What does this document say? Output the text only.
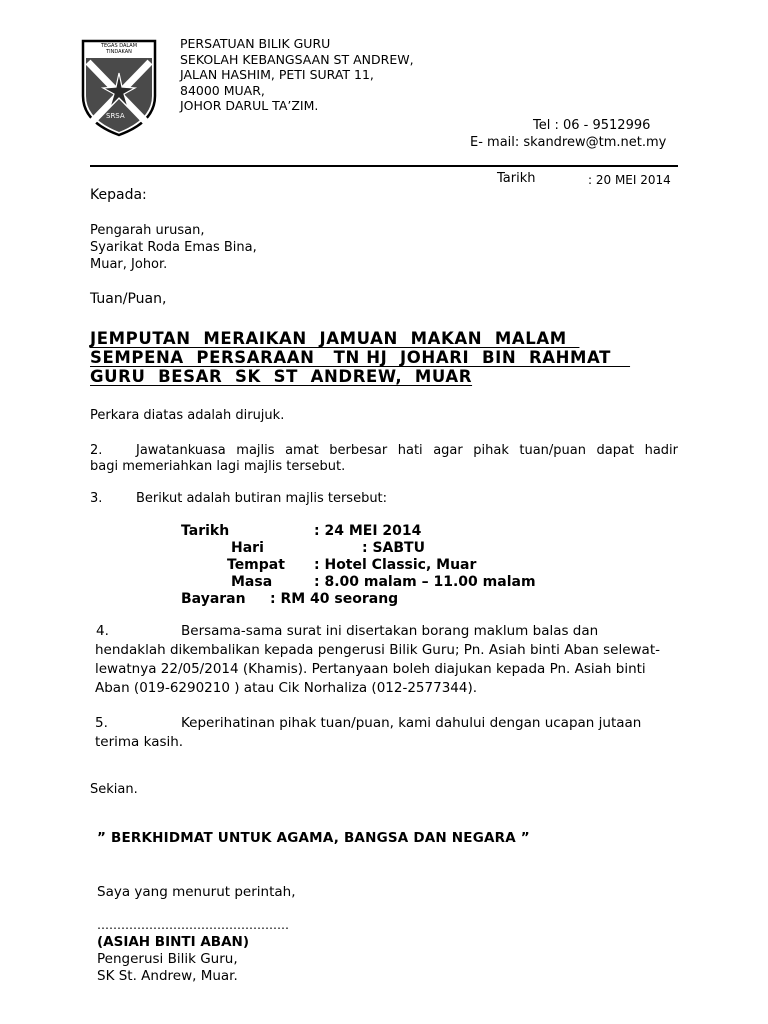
TEGAS DALAM TINDAKAN
SRSA
PERSATUAN BILIK GURU
SEKOLAH KEBANGSAAN ST ANDREW,
JALAN HASHIM, PETI SURAT 11,
84000 MUAR,
JOHOR DARUL TA’ZIM.
Tel : 06 - 9512996
E- mail: skandrew@tm.net.my
Tarikh	: 20 MEI 2014
Kepada:
Pengarah urusan,
Syarikat Roda Emas Bina,
Muar, Johor.
Tuan/Puan,
JEMPUTAN  MERAIKAN  JAMUAN  MAKAN  MALAM
SEMPENA  PERSARAAN   TN HJ  JOHARI  BIN  RAHMAT
GURU  BESAR  SK  ST  ANDREW,  MUAR
Perkara diatas adalah dirujuk.
2.	Jawatankuasa majlis amat berbesar hati agar pihak tuan/puan dapat hadir
bagi memeriahkan lagi majlis tersebut.
3.	Berikut adalah butiran majlis tersebut:
Tarikh	: 24 MEI 2014
Hari	: SABTU
Tempat : Hotel Classic, Muar
Masa	: 8.00 malam – 11.00 malam
Bayaran : RM 40 seorang
4.	Bersama-sama surat ini disertakan borang maklum balas dan
hendaklah dikembalikan kepada pengerusi Bilik Guru; Pn. Asiah binti Aban selewat-
lewatnya 22/05/2014 (Khamis). Pertanyaan boleh diajukan kepada Pn. Asiah binti
Aban (019-6290210 ) atau Cik Norhaliza (012-2577344).
5.	Keperihatinan pihak tuan/puan, kami dahului dengan ucapan jutaan
terima kasih.
Sekian.
” BERKHIDMAT UNTUK AGAMA, BANGSA DAN NEGARA ”
Saya yang menurut perintah,
…………………………………………
(ASIAH BINTI ABAN)
Pengerusi Bilik Guru,
SK St. Andrew, Muar.
